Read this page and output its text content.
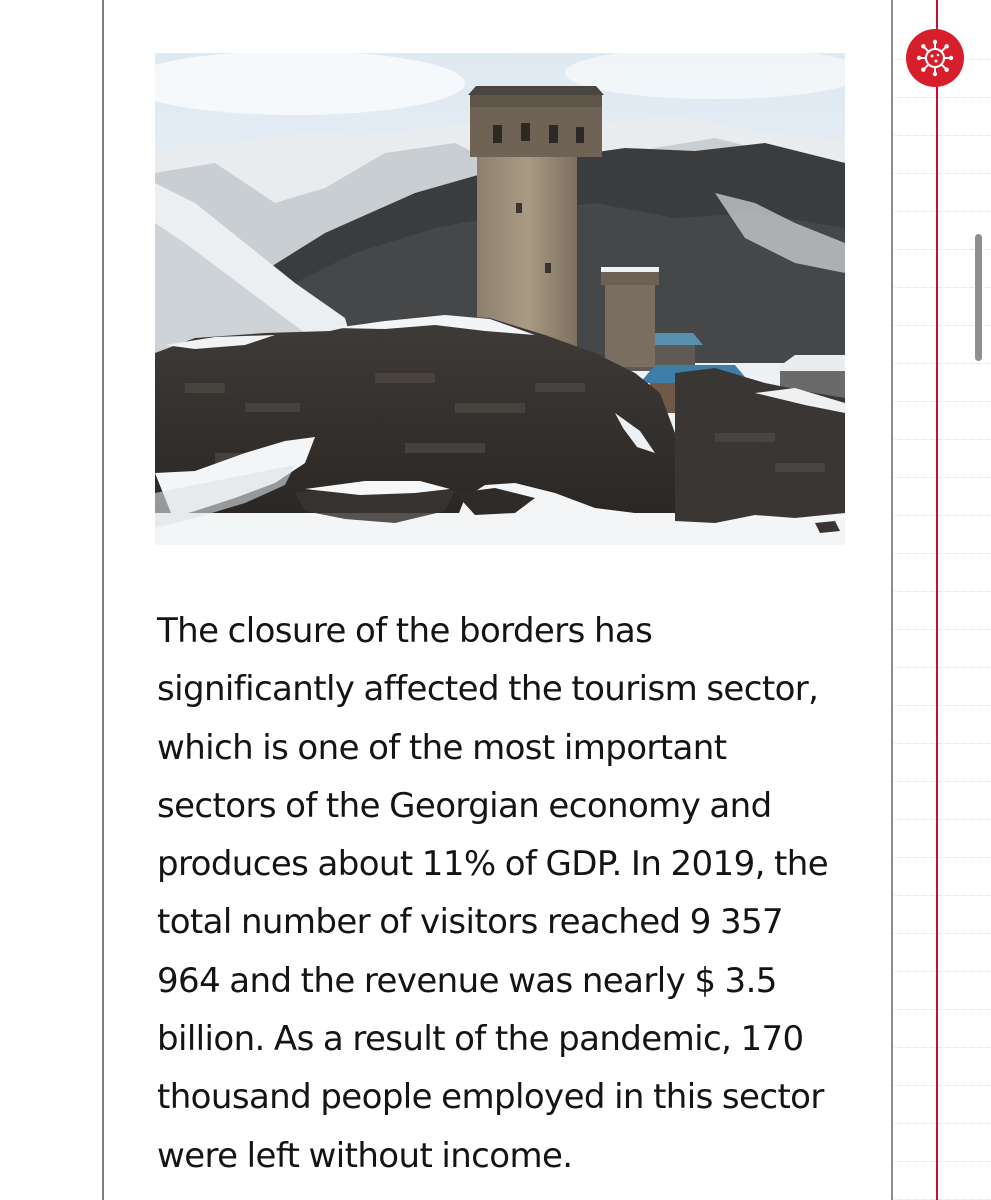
The closure of the borders has
significantly affected the tourism sector,
which is one of the most important
sectors of the Georgian economy and
produces about 11% of GDP. In 2019, the
total number of visitors reached 9 357
964 and the revenue was nearly $ 3.5
billion. As a result of the pandemic, 170
thousand people employed in this sector
were left without income.
